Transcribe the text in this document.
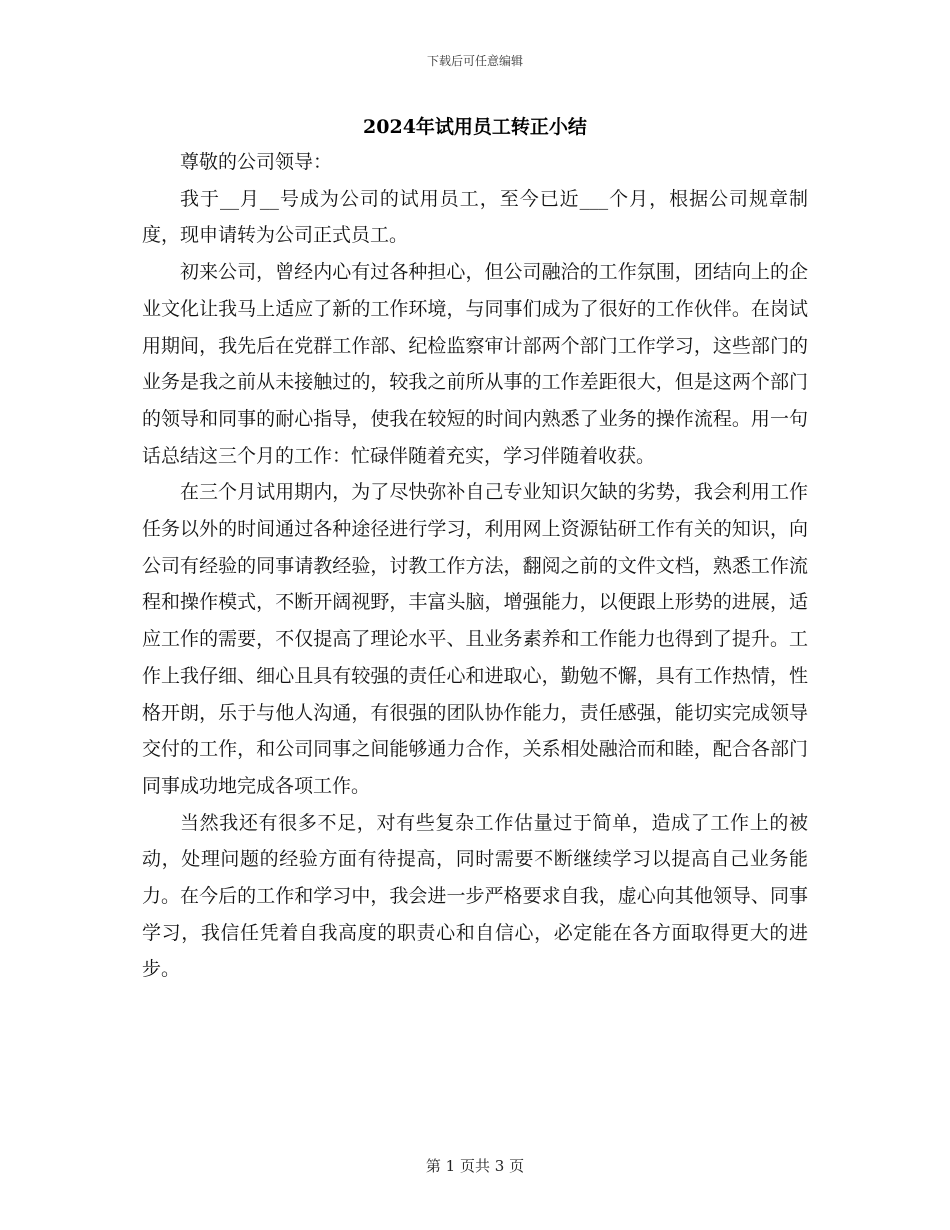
下载后可任意编辑
2024年试用员工转正小结

尊敬的公司领导：

我于__月__号成为公司的试用员工，至今已近___个月，根据公司规章制度，现申请转为公司正式员工。

初来公司，曾经内心有过各种担心，但公司融洽的工作氛围，团结向上的企业文化让我马上适应了新的工作环境，与同事们成为了很好的工作伙伴。在岗试用期间，我先后在党群工作部、纪检监察审计部两个部门工作学习，这些部门的业务是我之前从未接触过的，较我之前所从事的工作差距很大，但是这两个部门的领导和同事的耐心指导，使我在较短的时间内熟悉了业务的操作流程。用一句话总结这三个月的工作：忙碌伴随着充实，学习伴随着收获。

在三个月试用期内，为了尽快弥补自己专业知识欠缺的劣势，我会利用工作任务以外的时间通过各种途径进行学习，利用网上资源钻研工作有关的知识，向公司有经验的同事请教经验，讨教工作方法，翻阅之前的文件文档，熟悉工作流程和操作模式，不断开阔视野，丰富头脑，增强能力，以便跟上形势的进展，适应工作的需要，不仅提高了理论水平、且业务素养和工作能力也得到了提升。工作上我仔细、细心且具有较强的责任心和进取心，勤勉不懈，具有工作热情，性格开朗，乐于与他人沟通，有很强的团队协作能力，责任感强，能切实完成领导交付的工作，和公司同事之间能够通力合作，关系相处融洽而和睦，配合各部门同事成功地完成各项工作。

当然我还有很多不足，对有些复杂工作估量过于简单，造成了工作上的被动，处理问题的经验方面有待提高，同时需要不断继续学习以提高自己业务能力。在今后的工作和学习中，我会进一步严格要求自我，虚心向其他领导、同事学习，我信任凭着自我高度的职责心和自信心，必定能在各方面取得更大的进步。

第 1 页共 3 页
